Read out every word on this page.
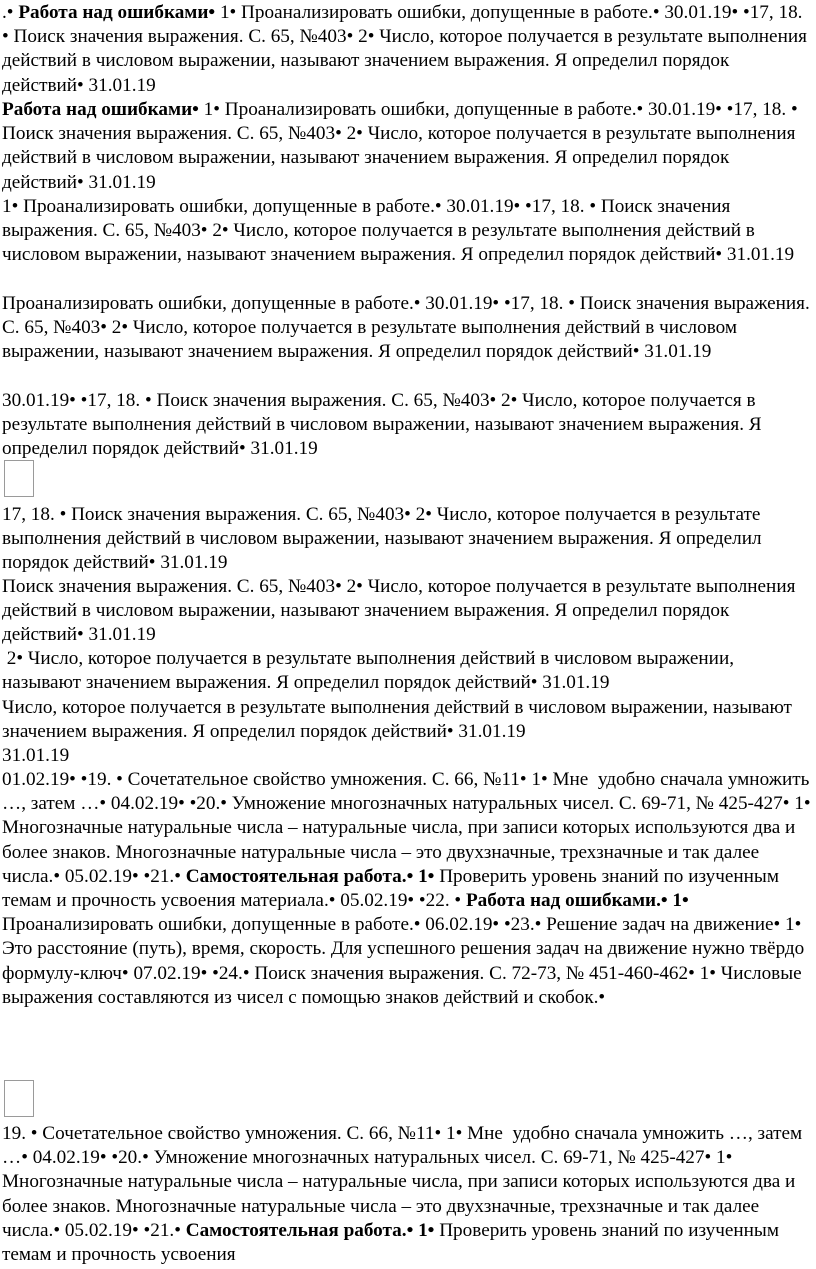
.• Работа над ошибками• 1• Проанализировать ошибки, допущенные в работе.• 30.01.19• •17, 18. • Поиск значения выражения. С. 65, №403• 2• Число, которое получается в результате выполнения действий в числовом выражении, называют значением выражения. Я определил порядок действий• 31.01.19

Работа над ошибками• 1• Проанализировать ошибки, допущенные в работе.• 30.01.19• •17, 18. • Поиск значения выражения. С. 65, №403• 2• Число, которое получается в результате выполнения действий в числовом выражении, называют значением выражения. Я определил порядок действий• 31.01.19

1• Проанализировать ошибки, допущенные в работе.• 30.01.19• •17, 18. • Поиск значения выражения. С. 65, №403• 2• Число, которое получается в результате выполнения действий в числовом выражении, называют значением выражения. Я определил порядок действий• 31.01.19

Проанализировать ошибки, допущенные в работе.• 30.01.19• •17, 18. • Поиск значения выражения. С. 65, №403• 2• Число, которое получается в результате выполнения действий в числовом выражении, называют значением выражения. Я определил порядок действий• 31.01.19

30.01.19• •17, 18. • Поиск значения выражения. С. 65, №403• 2• Число, которое получается в результате выполнения действий в числовом выражении, называют значением выражения. Я определил порядок действий• 31.01.19

17, 18. • Поиск значения выражения. С. 65, №403• 2• Число, которое получается в результате выполнения действий в числовом выражении, называют значением выражения. Я определил порядок действий• 31.01.19

Поиск значения выражения. С. 65, №403• 2• Число, которое получается в результате выполнения действий в числовом выражении, называют значением выражения. Я определил порядок действий• 31.01.19

2• Число, которое получается в результате выполнения действий в числовом выражении, называют значением выражения. Я определил порядок действий• 31.01.19

Число, которое получается в результате выполнения действий в числовом выражении, называют значением выражения. Я определил порядок действий• 31.01.19

31.01.19

01.02.19• •19. • Сочетательное свойство умножения. С. 66, №11• 1• Мне  удобно сначала умножить …, затем …• 04.02.19• •20.• Умножение многозначных натуральных чисел. С. 69-71, № 425-427• 1• Многозначные натуральные числа – натуральные числа, при записи которых используются два и более знаков. Многозначные натуральные числа – это двухзначные, трехзначные и так далее числа.• 05.02.19• •21.• Самостоятельная работа.• 1• Проверить уровень знаний по изученным темам и прочность усвоения материала.• 05.02.19• •22. • Работа над ошибками.• 1• Проанализировать ошибки, допущенные в работе.• 06.02.19• •23.• Решение задач на движение• 1• Это расстояние (путь), время, скорость. Для успешного решения задач на движение нужно твёрдо формулу-ключ• 07.02.19• •24.• Поиск значения выражения. С. 72-73, № 451-460-462• 1• Числовые выражения составляются из чисел с помощью знаков действий и скобок.•

19. • Сочетательное свойство умножения. С. 66, №11• 1• Мне  удобно сначала умножить …, затем …• 04.02.19• •20.• Умножение многозначных натуральных чисел. С. 69-71, № 425-427• 1• Многозначные натуральные числа – натуральные числа, при записи которых используются два и более знаков. Многозначные натуральные числа – это двухзначные, трехзначные и так далее числа.• 05.02.19• •21.• Самостоятельная работа.• 1• Проверить уровень знаний по изученным темам и прочность усвоения
